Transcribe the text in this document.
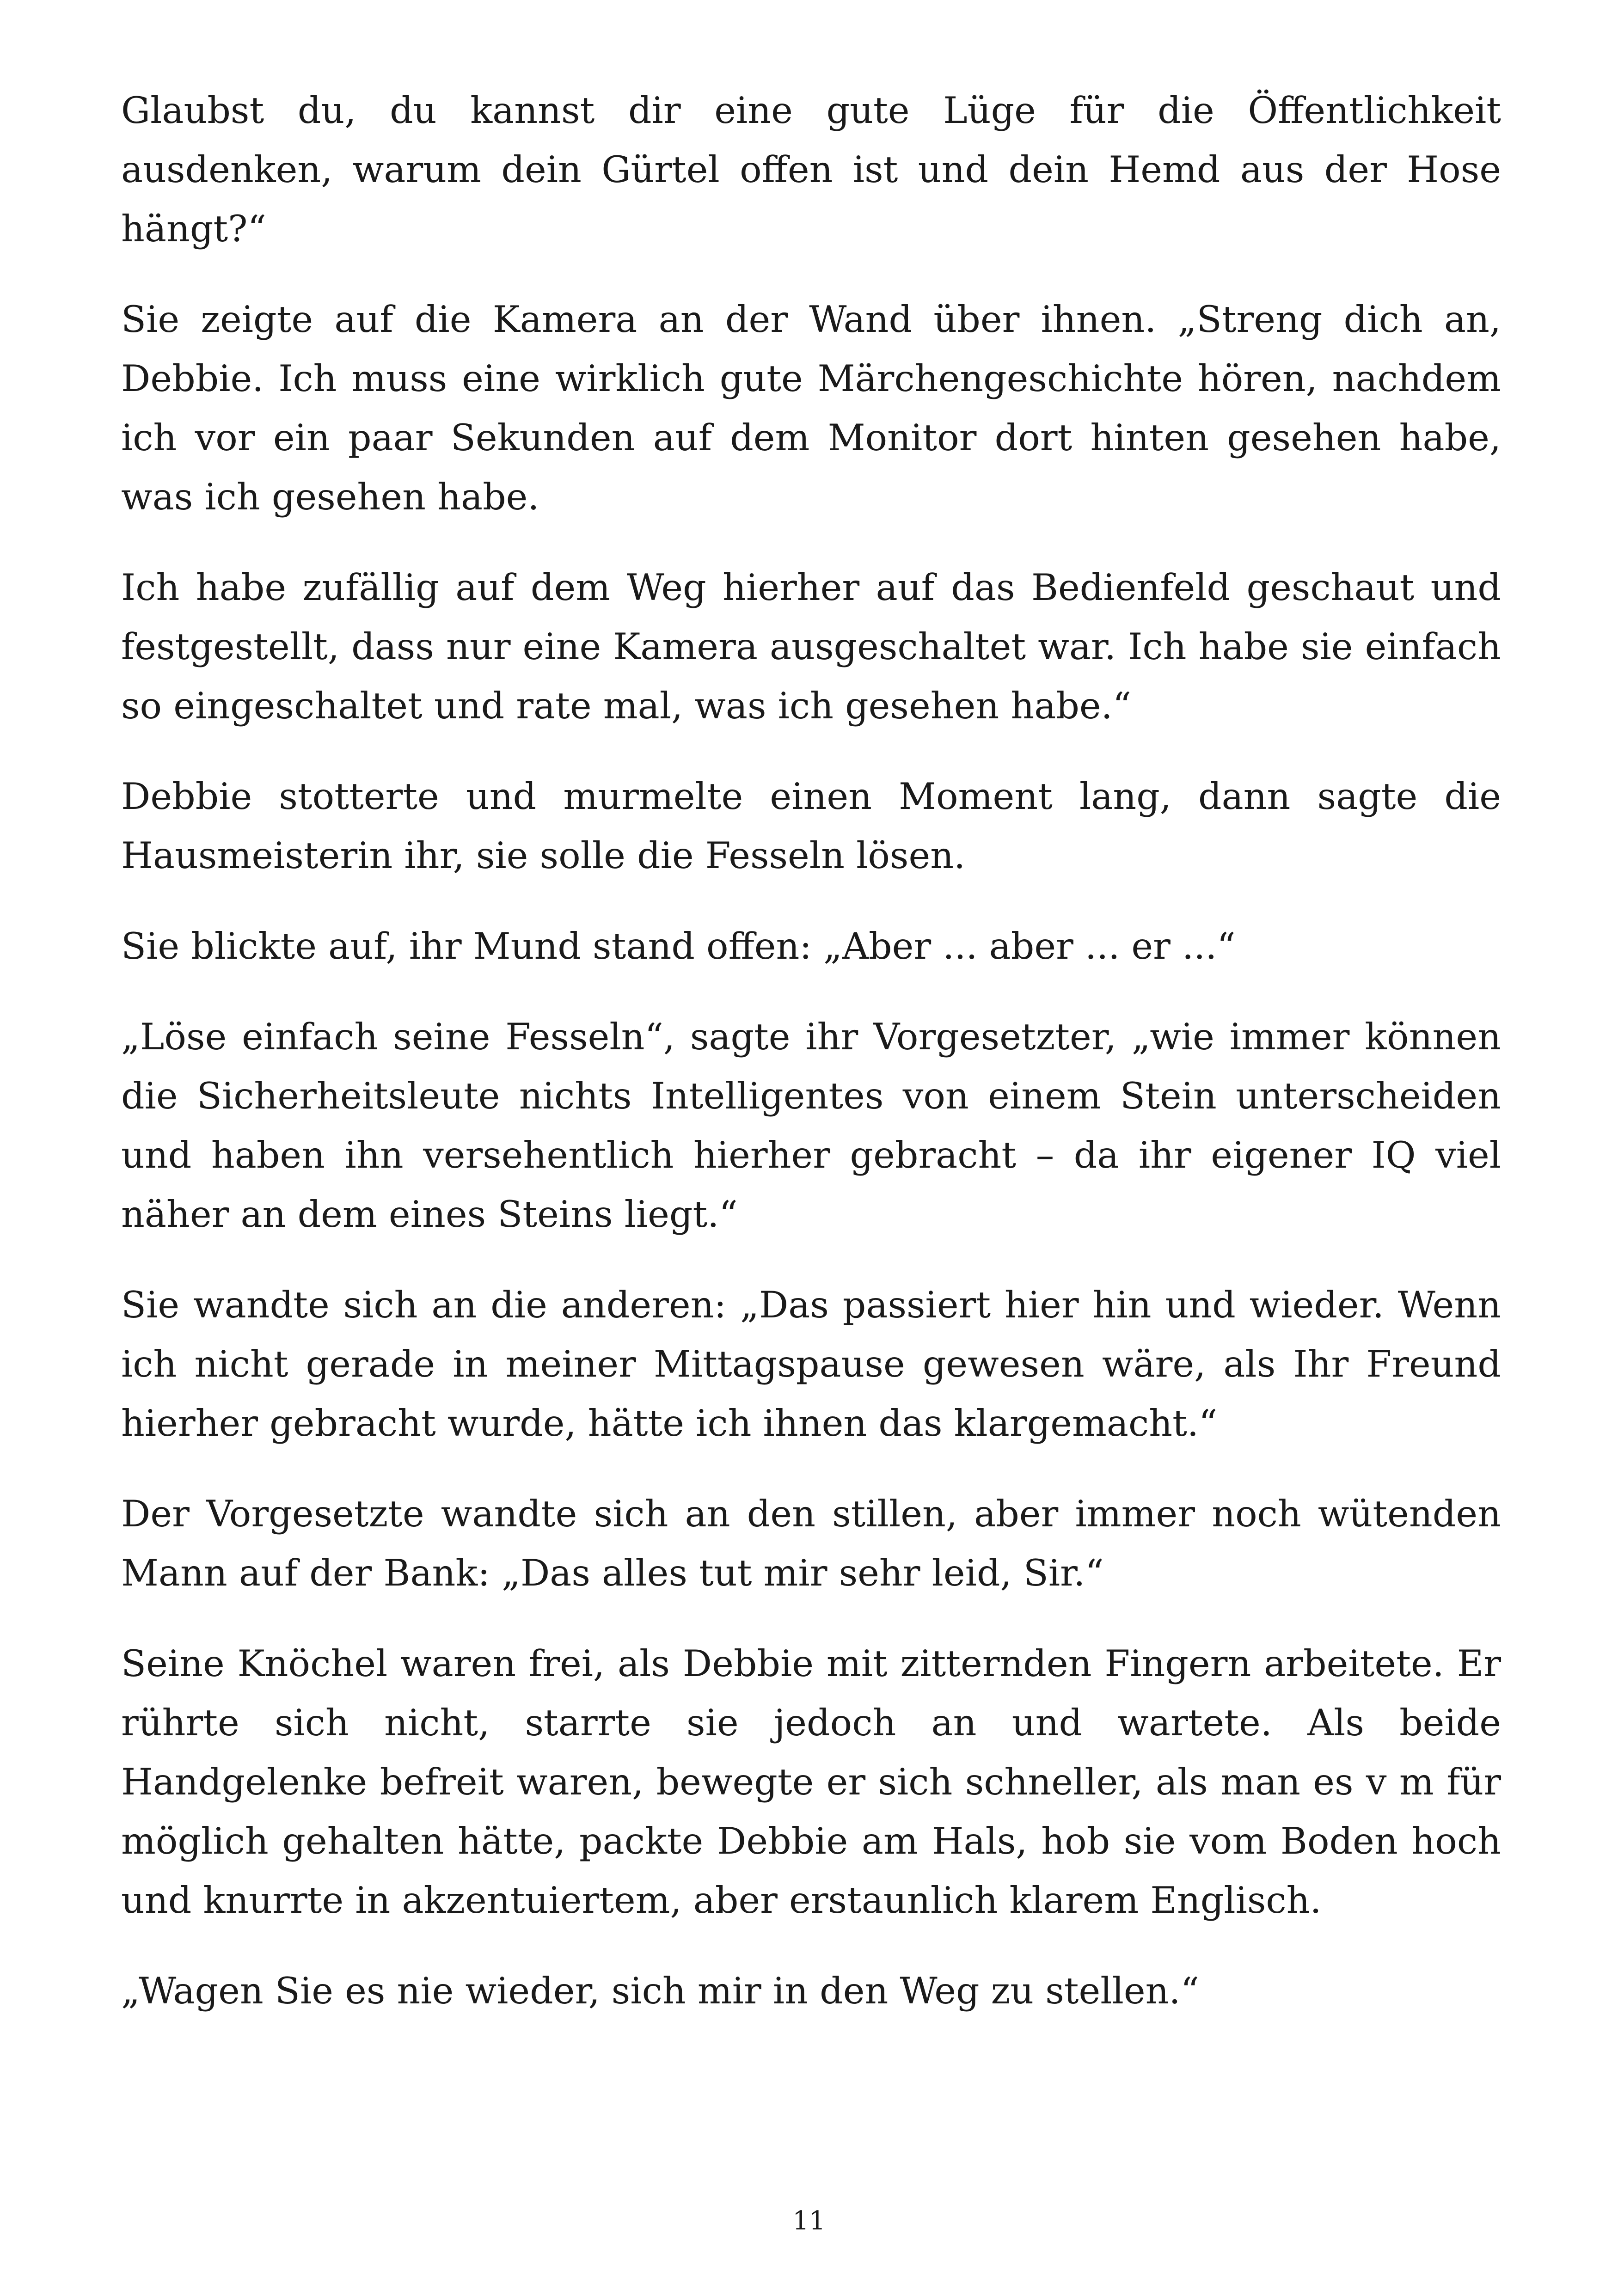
Glaubst du, du kannst dir eine gute Lüge für die Öffentlichkeit ausdenken, warum dein Gürtel offen ist und dein Hemd aus der Hose hängt?“

Sie zeigte auf die Kamera an der Wand über ihnen. „Streng dich an, Debbie. Ich muss eine wirklich gute Märchengeschichte hören, nachdem ich vor ein paar Sekunden auf dem Monitor dort hinten gesehen habe, was ich gesehen habe.

Ich habe zufällig auf dem Weg hierher auf das Bedienfeld geschaut und festgestellt, dass nur eine Kamera ausgeschaltet war. Ich habe sie einfach so eingeschaltet und rate mal, was ich gesehen habe.“

Debbie stotterte und murmelte einen Moment lang, dann sagte die Hausmeisterin ihr, sie solle die Fesseln lösen.

Sie blickte auf, ihr Mund stand offen: „Aber ... aber ... er ...“

„Löse einfach seine Fesseln“, sagte ihr Vorgesetzter, „wie immer können die Sicherheitsleute nichts Intelligentes von einem Stein unterscheiden und haben ihn versehentlich hierher gebracht – da ihr eigener IQ viel näher an dem eines Steins liegt.“

Sie wandte sich an die anderen: „Das passiert hier hin und wieder. Wenn ich nicht gerade in meiner Mittagspause gewesen wäre, als Ihr Freund hierher gebracht wurde, hätte ich ihnen das klargemacht.“

Der Vorgesetzte wandte sich an den stillen, aber immer noch wütenden Mann auf der Bank: „Das alles tut mir sehr leid, Sir.“

Seine Knöchel waren frei, als Debbie mit zitternden Fingern arbeitete. Er rührte sich nicht, starrte sie jedoch an und wartete. Als beide Handgelenke befreit waren, bewegte er sich schneller, als man es v m für möglich gehalten hätte, packte Debbie am Hals, hob sie vom Boden hoch und knurrte in akzentuiertem, aber erstaunlich klarem Englisch.

„Wagen Sie es nie wieder, sich mir in den Weg zu stellen.“

11
